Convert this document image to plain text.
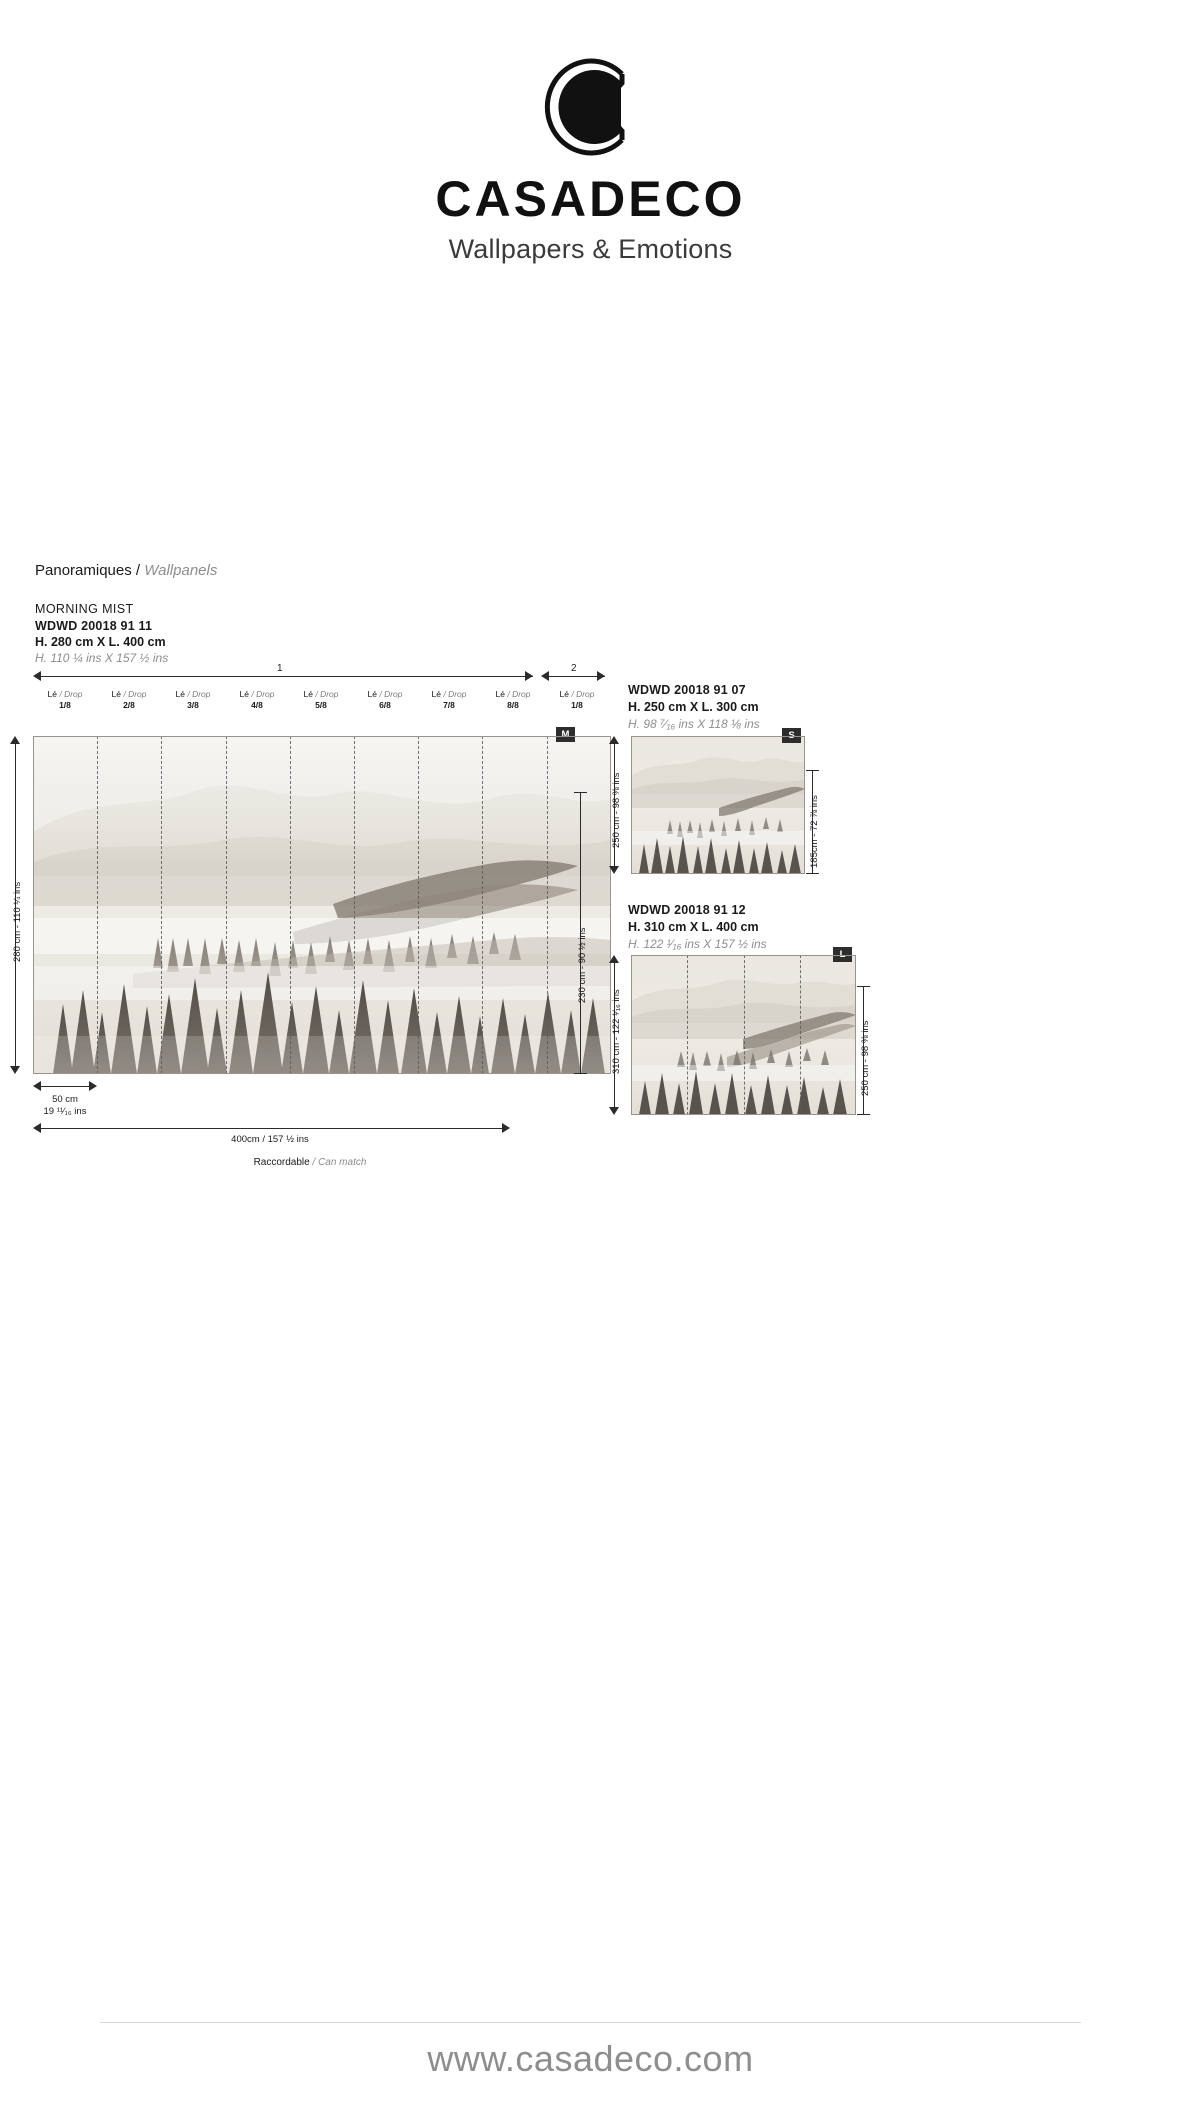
CASADECO
Wallpapers & Emotions
Panoramiques / Wallpanels
MORNING MIST
WDWD 20018 91 11
H. 280 cm X L. 400 cm
H. 110 ¼ ins X 157 ½ ins
1	2
Lé / Drop
1/8
Lé / Drop
2/8
Lé / Drop
3/8
Lé / Drop
4/8
Lé / Drop
5/8
Lé / Drop
6/8
Lé / Drop
7/8
Lé / Drop
8/8
Lé / Drop
1/8
M
280 cm - 110 ¼ ins
230 cm - 90 ½ ins
50 cm
19 ¹¹⁄₁₆ ins
400cm / 157 ½ ins
Raccordable / Can match
WDWD 20018 91 07
H. 250 cm X L. 300 cm
H. 98 ⁷⁄₁₆ ins X 118 ⅛ ins
S
250 cm - 98 ⅜ ins	185cm - 72 ⅞ ins
WDWD 20018 91 12
H. 310 cm X L. 400 cm
H. 122 ¹⁄₁₆ ins X 157 ½ ins
L
310 cm - 122 ¹⁄₁₆ ins	250 cm - 98 ⅜ ins
www.casadeco.com
